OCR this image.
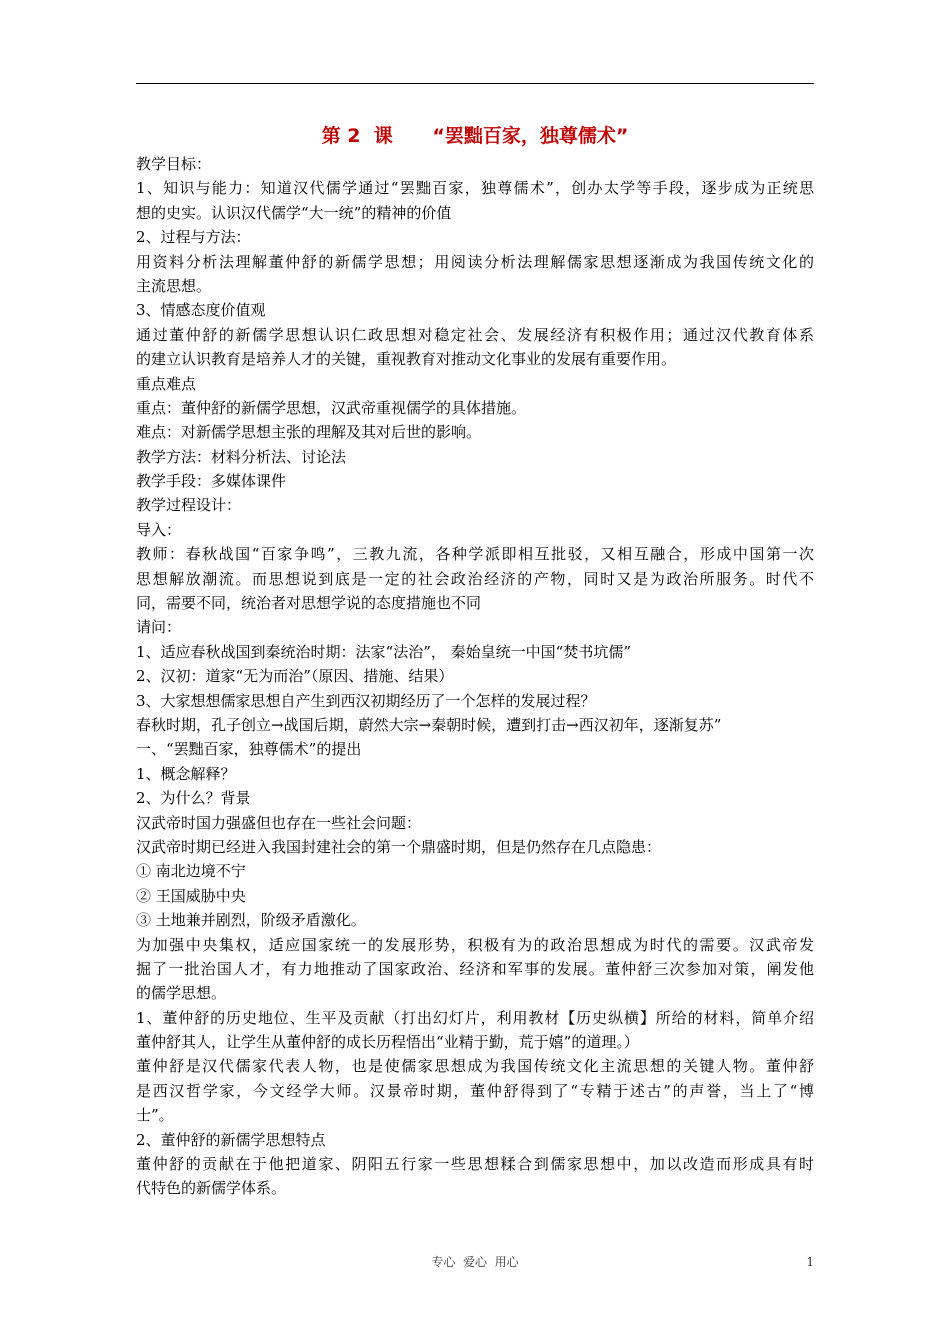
第 2  课      “罢黜百家，独尊儒术”
教学目标：
1、知识与能力：知道汉代儒学通过“罢黜百家，独尊儒术”，创办太学等手段，逐步成为正统思
想的史实。认识汉代儒学“大一统”的精神的价值
2、过程与方法：
用资料分析法理解董仲舒的新儒学思想；用阅读分析法理解儒家思想逐渐成为我国传统文化的
主流思想。
3、情感态度价值观
通过董仲舒的新儒学思想认识仁政思想对稳定社会、发展经济有积极作用；通过汉代教育体系
的建立认识教育是培养人才的关键，重视教育对推动文化事业的发展有重要作用。
重点难点
重点：董仲舒的新儒学思想，汉武帝重视儒学的具体措施。
难点：对新儒学思想主张的理解及其对后世的影响。
教学方法：材料分析法、讨论法
教学手段：多媒体课件
教学过程设计：
导入：
教师：春秋战国“百家争鸣”，三教九流，各种学派即相互批驳，又相互融合，形成中国第一次
思想解放潮流。而思想说到底是一定的社会政治经济的产物，同时又是为政治所服务。时代不
同，需要不同，统治者对思想学说的态度措施也不同
请问：
1、适应春秋战国到秦统治时期：法家“法治”， 秦始皇统一中国“焚书坑儒”
2、汉初：道家“无为而治”（原因、措施、结果）
3、大家想想儒家思想自产生到西汉初期经历了一个怎样的发展过程？
春秋时期，孔子创立→战国后期，蔚然大宗→秦朝时候，遭到打击→西汉初年，逐渐复苏”
一、“罢黜百家，独尊儒术”的提出
1、概念解释？
2、为什么？背景
汉武帝时国力强盛但也存在一些社会问题：
汉武帝时期已经进入我国封建社会的第一个鼎盛时期，但是仍然存在几点隐患：
① 南北边境不宁
② 王国威胁中央
③ 土地兼并剧烈，阶级矛盾激化。
为加强中央集权，适应国家统一的发展形势，积极有为的政治思想成为时代的需要。汉武帝发
掘了一批治国人才，有力地推动了国家政治、经济和军事的发展。董仲舒三次参加对策，阐发他
的儒学思想。
1、董仲舒的历史地位、生平及贡献（打出幻灯片，利用教材【历史纵横】所给的材料，简单介绍
董仲舒其人，让学生从董仲舒的成长历程悟出“业精于勤，荒于嬉”的道理。）
董仲舒是汉代儒家代表人物，也是使儒家思想成为我国传统文化主流思想的关键人物。董仲舒
是西汉哲学家，今文经学大师。汉景帝时期，董仲舒得到了“专精于述古”的声誉，当上了“博
士”。
2、董仲舒的新儒学思想特点
董仲舒的贡献在于他把道家、阴阳五行家一些思想糅合到儒家思想中，加以改造而形成具有时
代特色的新儒学体系。
专心  爱心  用心	1
